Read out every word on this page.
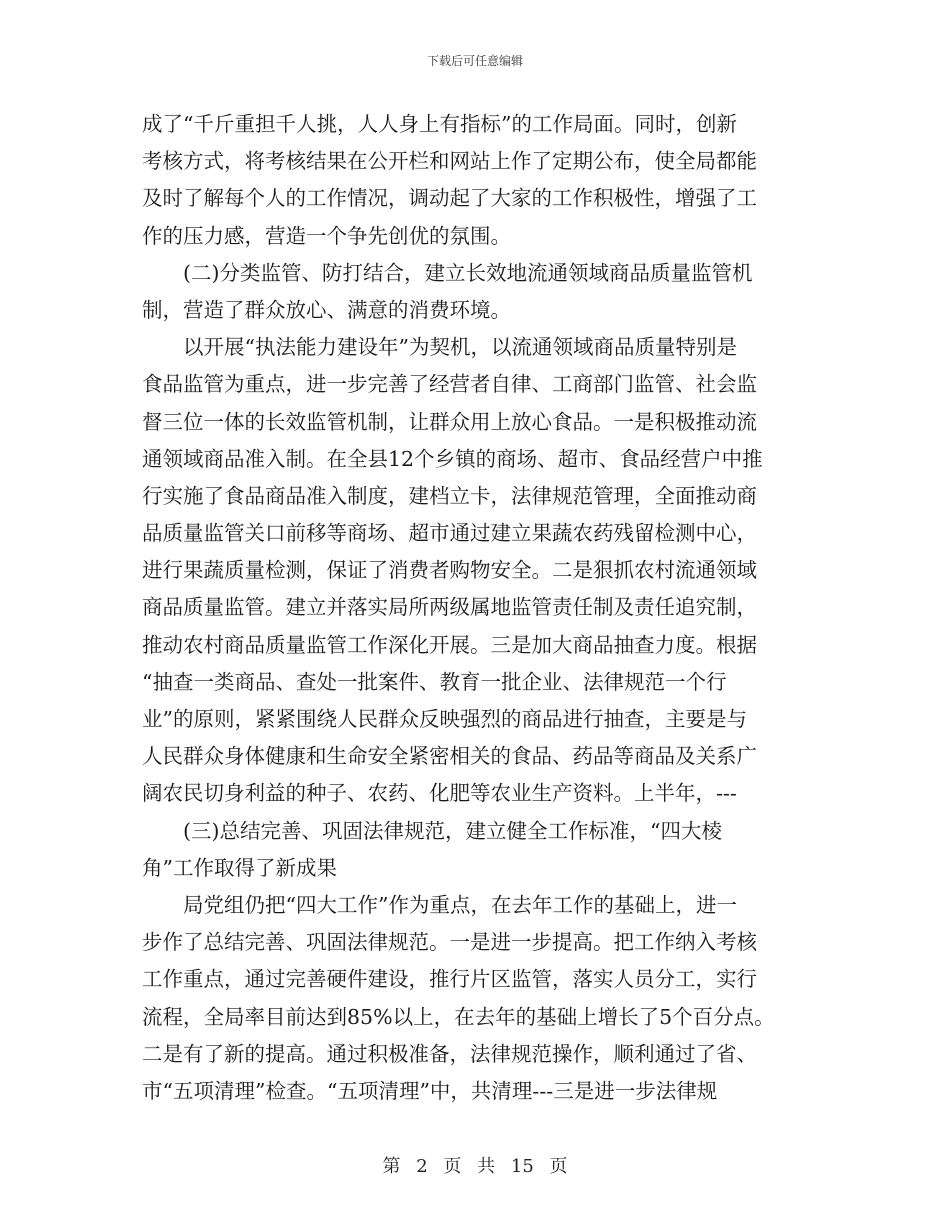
下载后可任意编辑
成了“千斤重担千人挑，人人身上有指标”的工作局面。同时，创新
考核方式，将考核结果在公开栏和网站上作了定期公布，使全局都能
及时了解每个人的工作情况，调动起了大家的工作积极性，增强了工
作的压力感，营造一个争先创优的氛围。
(二)分类监管、防打结合，建立长效地流通领域商品质量监管机
制，营造了群众放心、满意的消费环境。
以开展“执法能力建设年”为契机，以流通领域商品质量特别是
食品监管为重点，进一步完善了经营者自律、工商部门监管、社会监
督三位一体的长效监管机制，让群众用上放心食品。一是积极推动流
通领域商品准入制。在全县12个乡镇的商场、超市、食品经营户中推
行实施了食品商品准入制度，建档立卡，法律规范管理，全面推动商
品质量监管关口前移等商场、超市通过建立果蔬农药残留检测中心，
进行果蔬质量检测，保证了消费者购物安全。二是狠抓农村流通领域
商品质量监管。建立并落实局所两级属地监管责任制及责任追究制，
推动农村商品质量监管工作深化开展。三是加大商品抽查力度。根据
“抽查一类商品、查处一批案件、教育一批企业、法律规范一个行
业”的原则，紧紧围绕人民群众反映强烈的商品进行抽查，主要是与
人民群众身体健康和生命安全紧密相关的食品、药品等商品及关系广
阔农民切身利益的种子、农药、化肥等农业生产资料。上半年，---
(三)总结完善、巩固法律规范，建立健全工作标准，“四大棱
角”工作取得了新成果
局党组仍把“四大工作”作为重点，在去年工作的基础上，进一
步作了总结完善、巩固法律规范。一是进一步提高。把工作纳入考核
工作重点，通过完善硬件建设，推行片区监管，落实人员分工，实行
流程，全局率目前达到85%以上，在去年的基础上增长了5个百分点。
二是有了新的提高。通过积极准备，法律规范操作，顺利通过了省、
市“五项清理”检查。“五项清理”中，共清理---三是进一步法律规
第 2 页 共 15 页
